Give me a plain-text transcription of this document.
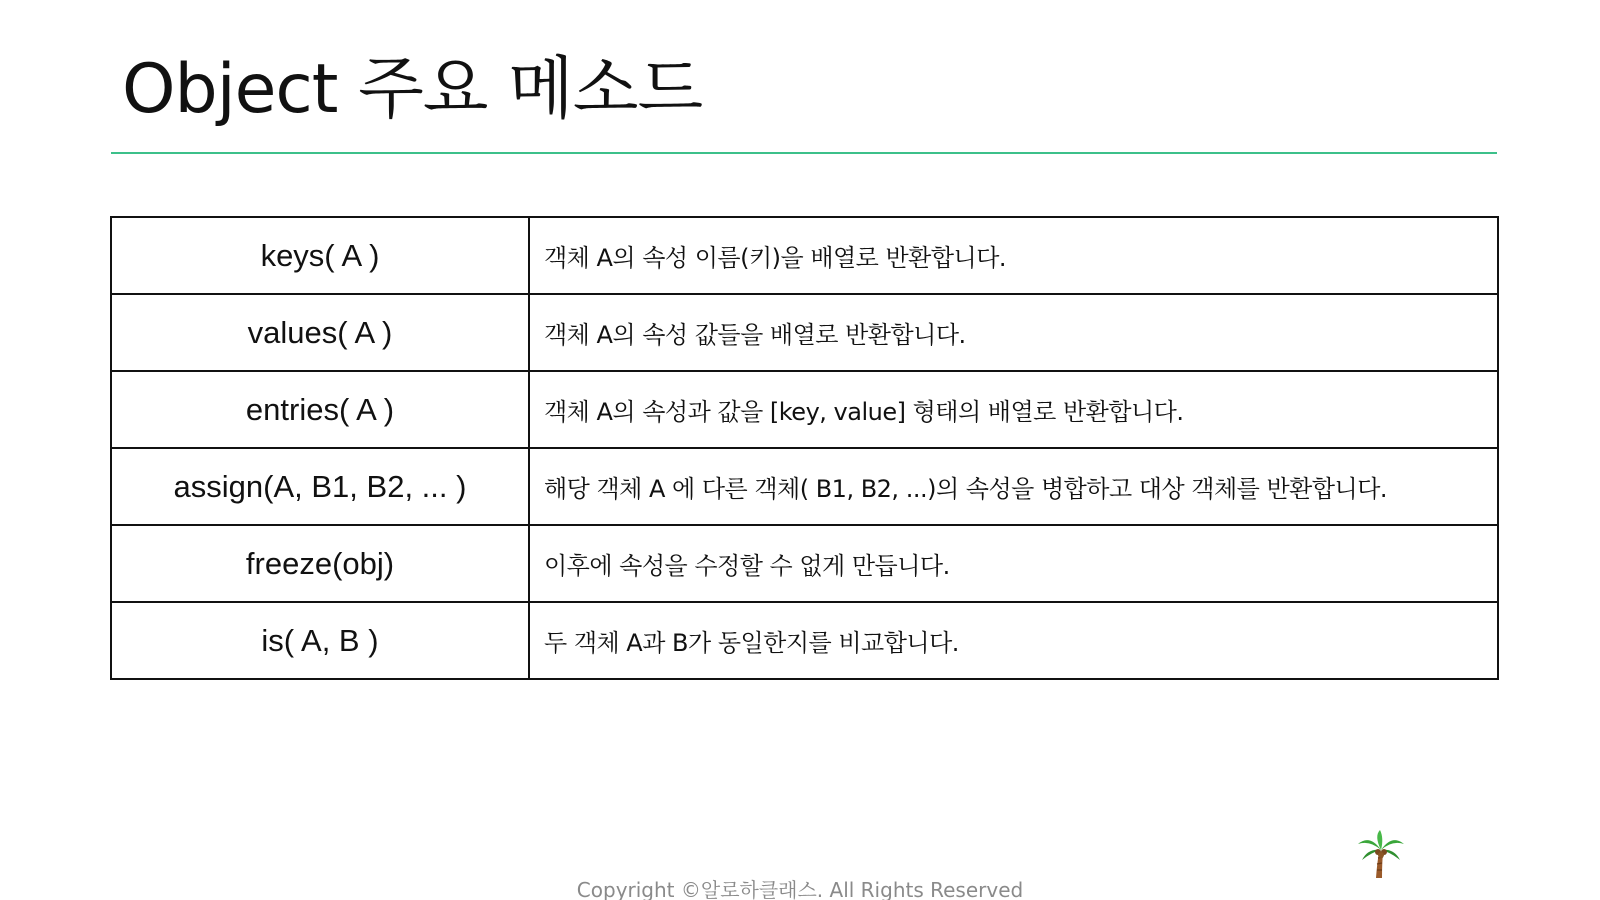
Object 주요 메소드
keys( A )	객체 A의 속성 이름(키)을 배열로 반환합니다.
values( A )	객체 A의 속성 값들을 배열로 반환합니다.
entries( A )	객체 A의 속성과 값을 [key, value] 형태의 배열로 반환합니다.
assign(A, B1, B2, ... )	해당 객체 A 에 다른 객체( B1, B2, ...)의 속성을 병합하고 대상 객체를 반환합니다.
freeze(obj)	이후에 속성을 수정할 수 없게 만듭니다.
is( A, B )	두 객체 A과 B가 동일한지를 비교합니다.
Copyright ©알로하클래스. All Rights Reserved
